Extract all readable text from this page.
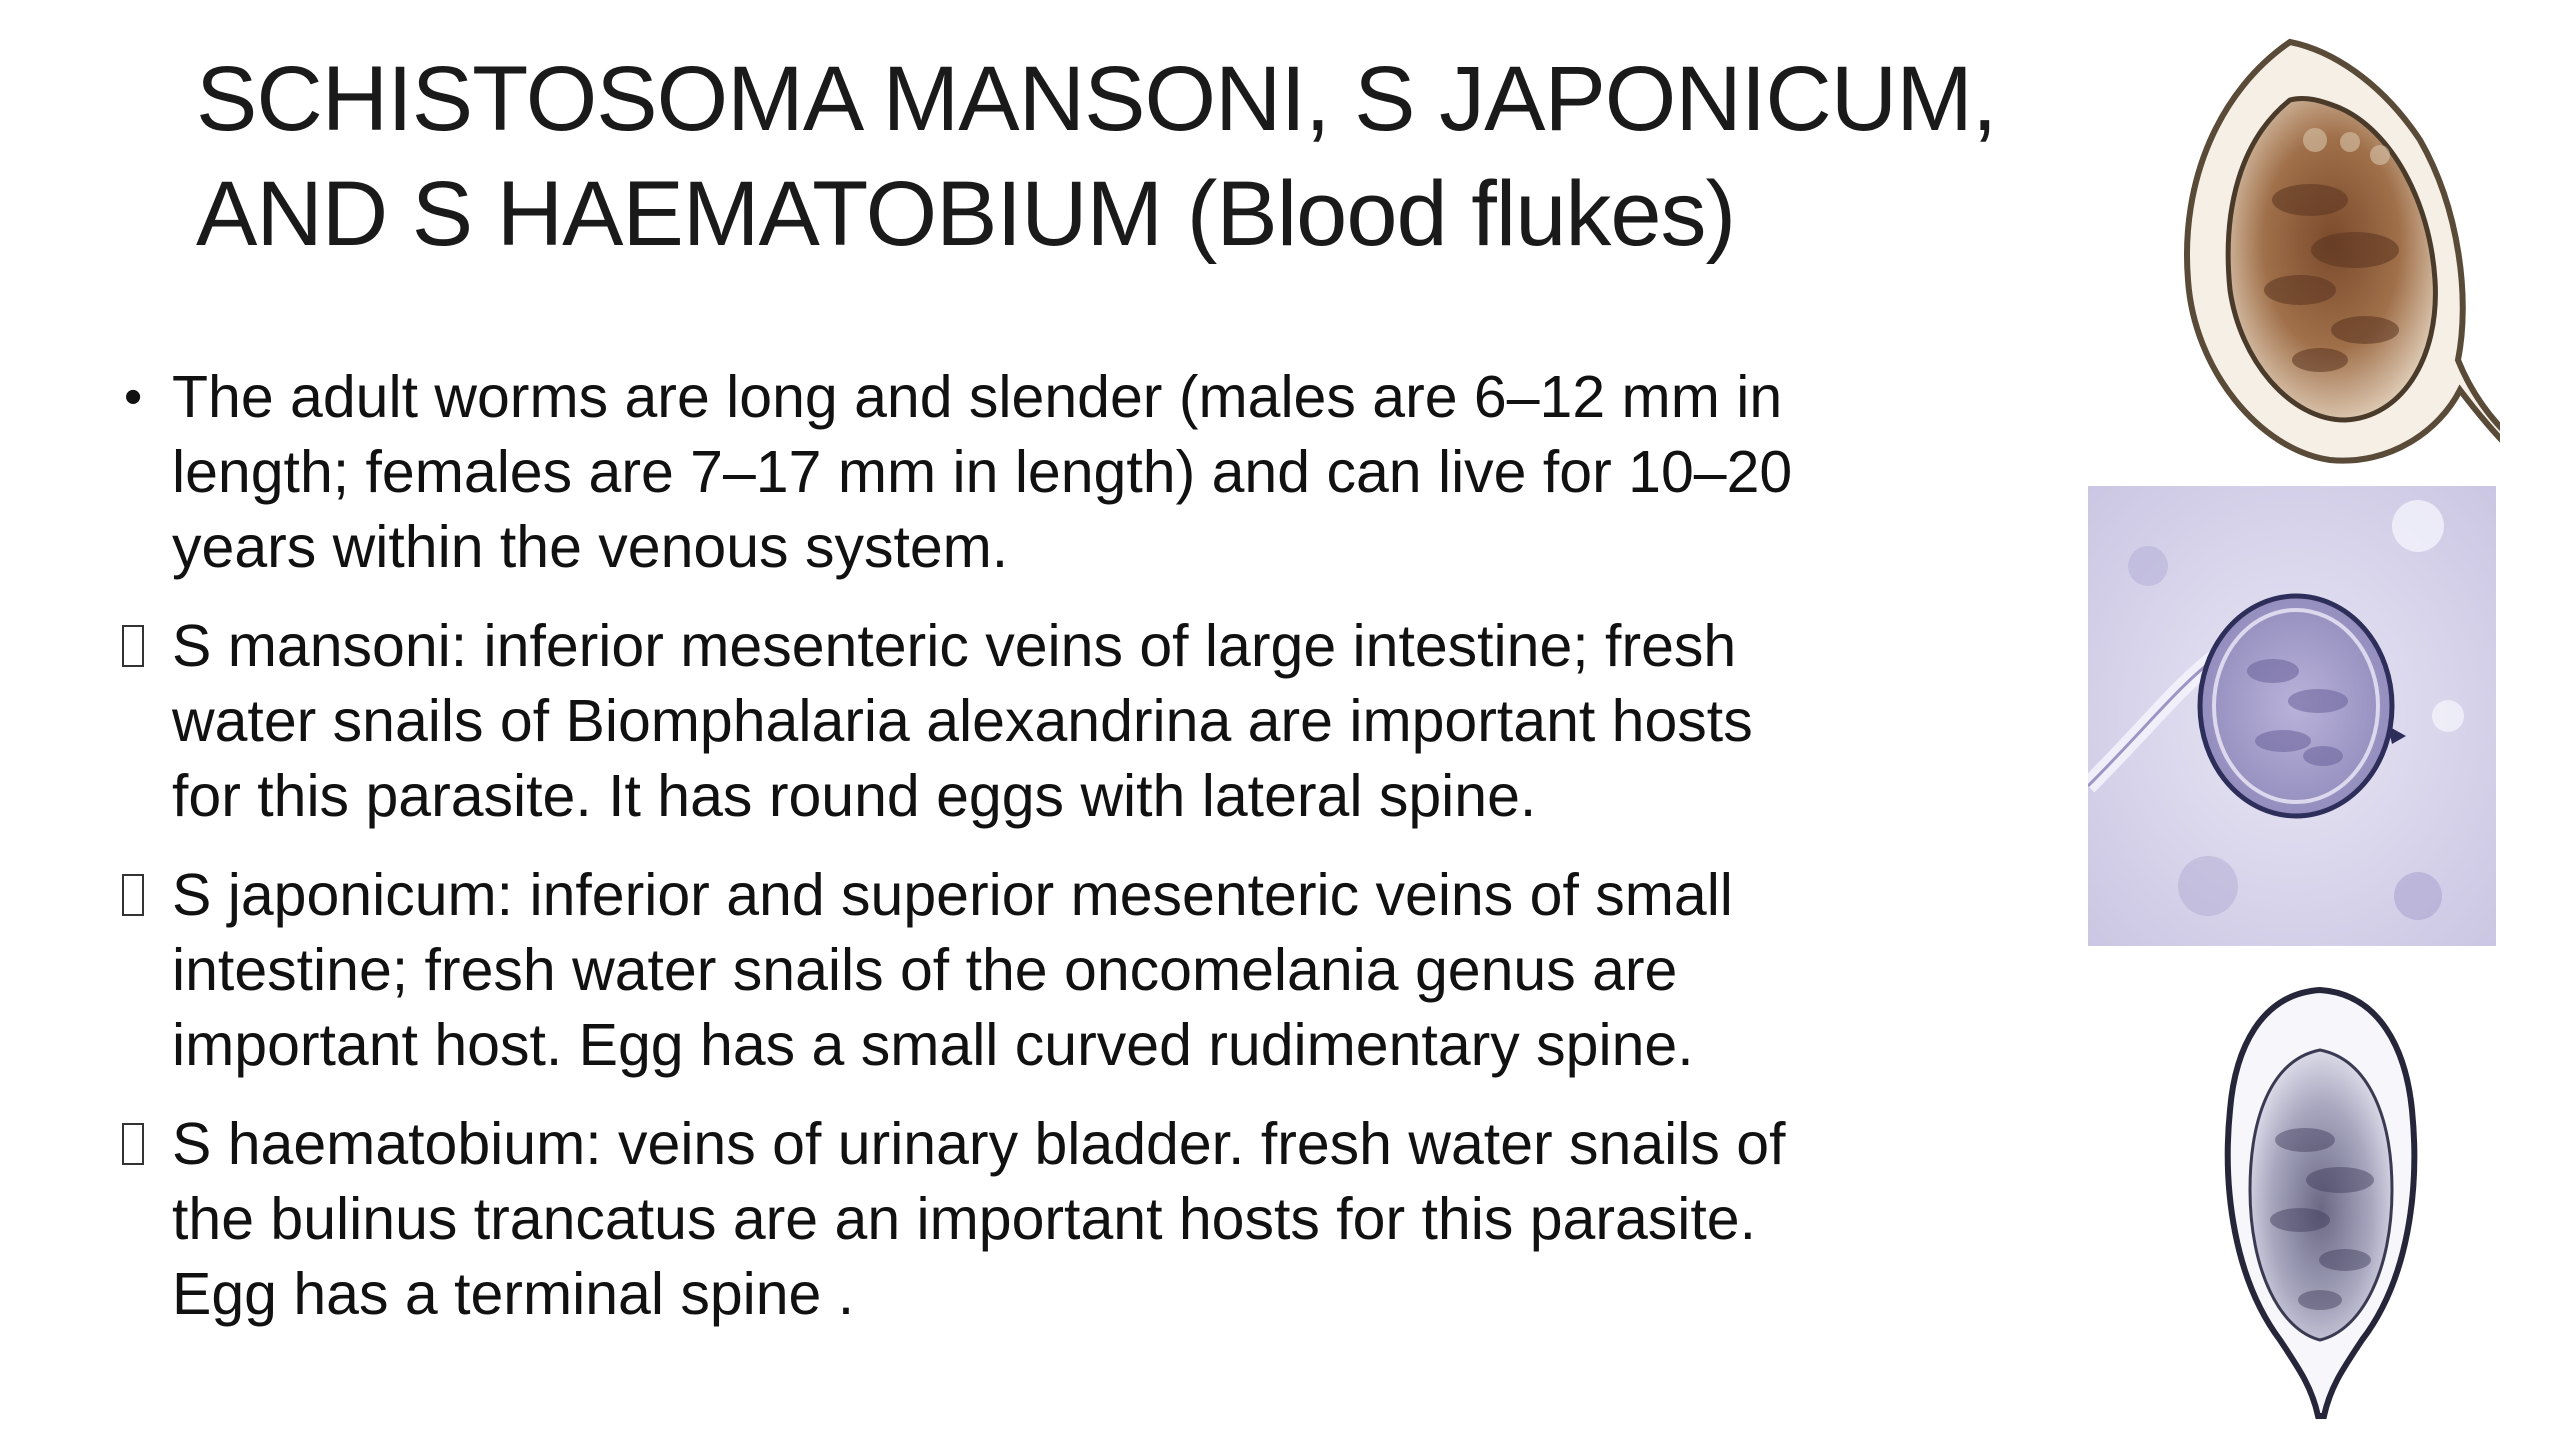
SCHISTOSOMA MANSONI, S JAPONICUM,
AND S HAEMATOBIUM (Blood flukes)
• The adult worms are long and slender (males are 6–12 mm in
length; females are 7–17 mm in length) and can live for 10–20
years within the venous system.
S mansoni: inferior mesenteric veins of large intestine; fresh
water snails of Biomphalaria alexandrina are important hosts
for this parasite. It has round eggs with lateral spine.
S japonicum: inferior and superior mesenteric veins of small
intestine; fresh water snails of the oncomelania genus are
important host. Egg has a small curved rudimentary spine.
S haematobium: veins of urinary bladder. fresh water snails of
the bulinus trancatus are an important hosts for this parasite.
Egg has a terminal spine .
